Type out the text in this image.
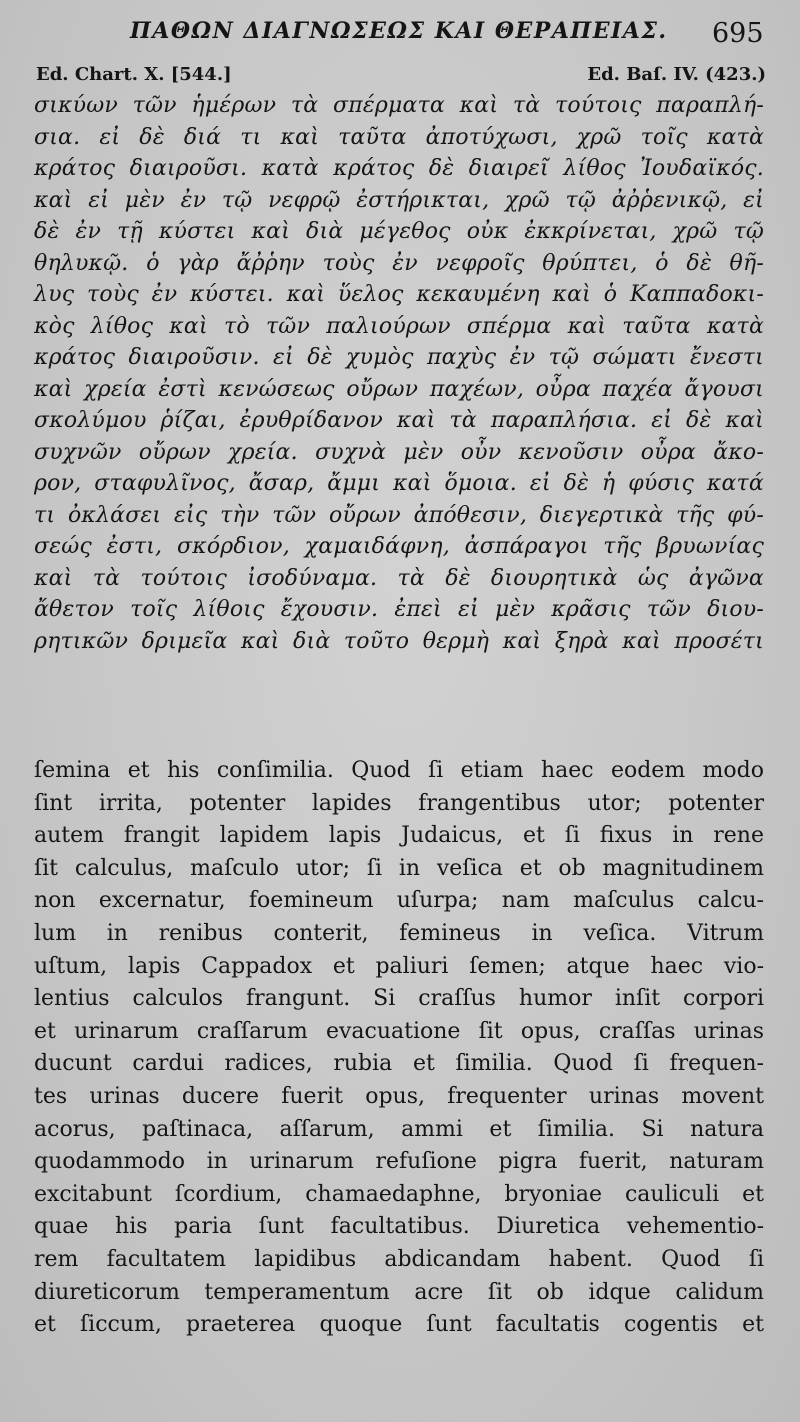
ΠΑΘΩΝ ΔΙΑΓΝΩΣΕΩΣ ΚΑΙ ΘΕΡΑΠΕΙΑΣ. 695
Ed. Chart. X. [544.]	Ed. Baſ. IV. (423.)
σικύων τῶν ἡμέρων τὰ σπέρματα καὶ τὰ τούτοις παραπλή-
σια. εἰ δὲ διά τι καὶ ταῦτα ἀποτύχωσι, χρῶ τοῖς κατὰ
κράτος διαιροῦσι. κατὰ κράτος δὲ διαιρεῖ λίθος Ἰουδαϊκός.
καὶ εἰ μὲν ἐν τῷ νεφρῷ ἐστήρικται, χρῶ τῷ ἀῤῥενικῷ, εἰ
δὲ ἐν τῇ κύστει καὶ διὰ μέγεθος οὐκ ἐκκρίνεται, χρῶ τῷ
θηλυκῷ. ὁ γὰρ ἄῤῥην τοὺς ἐν νεφροῖς θρύπτει, ὁ δὲ θῆ-
λυς τοὺς ἐν κύστει. καὶ ὕελος κεκαυμένη καὶ ὁ Καππαδοκι-
κὸς λίθος καὶ τὸ τῶν παλιούρων σπέρμα καὶ ταῦτα κατὰ
κράτος διαιροῦσιν. εἰ δὲ χυμὸς παχὺς ἐν τῷ σώματι ἔνεστι
καὶ χρεία ἐστὶ κενώσεως οὔρων παχέων, οὖρα παχέα ἄγουσι
σκολύμου ῥίζαι, ἐρυθρίδανον καὶ τὰ παραπλήσια. εἰ δὲ καὶ
συχνῶν οὔρων χρεία. συχνὰ μὲν οὖν κενοῦσιν οὖρα ἄκο-
ρον, σταφυλῖνος, ἄσαρ, ἄμμι καὶ ὅμοια. εἰ δὲ ἡ φύσις κατά
τι ὀκλάσει εἰς τὴν τῶν οὔρων ἀπόθεσιν, διεγερτικὰ τῆς φύ-
σεώς ἐστι, σκόρδιον, χαμαιδάφνη, ἀσπάραγοι τῆς βρυωνίας
καὶ τὰ τούτοις ἰσοδύναμα. τὰ δὲ διουρητικὰ ὡς ἀγῶνα
ἄθετον τοῖς λίθοις ἔχουσιν. ἐπεὶ εἰ μὲν κρᾶσις τῶν διου-
ρητικῶν δριμεῖα καὶ διὰ τοῦτο θερμὴ καὶ ξηρὰ καὶ προσέτι
ſemina et his conſimilia. Quod ſi etiam haec eodem modo
ſint irrita, potenter lapides frangentibus utor; potenter
autem frangit lapidem lapis Judaicus, et ſi fixus in rene
ſit calculus, maſculo utor; ſi in veſica et ob magnitudinem
non excernatur, foemineum uſurpa; nam maſculus calcu-
lum in renibus conterit, femineus in veſica. Vitrum
uſtum, lapis Cappadox et paliuri ſemen; atque haec vio-
lentius calculos frangunt. Si craſſus humor inſit corpori
et urinarum craſſarum evacuatione ſit opus, craſſas urinas
ducunt cardui radices, rubia et ſimilia. Quod ſi frequen-
tes urinas ducere fuerit opus, frequenter urinas movent
acorus, paſtinaca, aſſarum, ammi et ſimilia. Si natura
quodammodo in urinarum refuſione pigra fuerit, naturam
excitabunt ſcordium, chamaedaphne, bryoniae cauliculi et
quae his paria ſunt facultatibus. Diuretica vehementio-
rem facultatem lapidibus abdicandam habent. Quod ſi
diureticorum temperamentum acre ſit ob idque calidum
et ſiccum, praeterea quoque ſunt facultatis cogentis et
